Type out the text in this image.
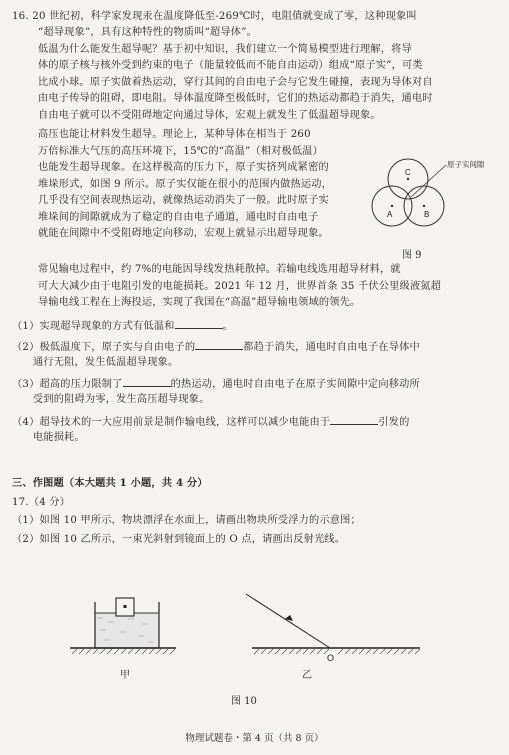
16. 20 世纪初，科学家发现汞在温度降低至-269℃时，电阻值就变成了零，这种现象叫

“超导现象”，具有这种特性的物质叫“超导体”。

低温为什么能发生超导呢？基于初中知识，我们建立一个简易模型进行理解，将导

体的原子核与核外受到约束的电子（能量较低而不能自由运动）组成“原子实”，可类

比成小球。原子实做着热运动，穿行其间的自由电子会与它发生碰撞，表现为导体对自

由电子传导的阻碍，即电阻。导体温度降至极低时，它们的热运动都趋于消失，通电时

自由电子就可以不受阻碍地定向通过导体，宏观上就发生了低温超导现象。

高压也能让材料发生超导。理论上，某种导体在相当于 260

万倍标准大气压的高压环境下，15℃的“高温”（相对极低温）

也能发生超导现象。在这样极高的压力下，原子实挤列成紧密的

堆垛形式，如图 9 所示。原子实仅能在很小的范围内做热运动，

几乎没有空间表现热运动，就像热运动消失了一般。此时原子实

堆垛间的间隙就成为了稳定的自由电子通道，通电时自由电子

就能在间隙中不受阻碍地定向移动，宏观上就显示出超导现象。

C
A	B
原子实间隙

图 9

常见输电过程中，约 7%的电能因导线发热耗散掉。若输电线选用超导材料，就

可大大减少由于电阻引发的电能损耗。2021 年 12 月，世界首条 35 千伏公里级液氮超

导输电线工程在上海投运，实现了我国在“高温”超导输电领域的领先。

（1）实现超导现象的方式有低温和	。

（2）极低温度下，原子实与自由电子的	都趋于消失，通电时自由电子在导体中

通行无阻，发生低温超导现象。

（3）超高的压力限制了	的热运动，通电时自由电子在原子实间隙中定向移动所

受到的阻碍为零，发生高压超导现象。

（4）超导技术的一大应用前景是制作输电线，这样可以减少电能由于	引发的

电能损耗。

三、作图题（本大题共 1 小题，共 4 分）

17.（4 分）

（1）如图 10 甲所示，物块漂浮在水面上，请画出物块所受浮力的示意图；

（2）如图 10 乙所示，一束光斜射到镜面上的 O 点，请画出反射光线。

甲

O

乙

图 10

物理试题卷・第 4 页（共 8 页）
